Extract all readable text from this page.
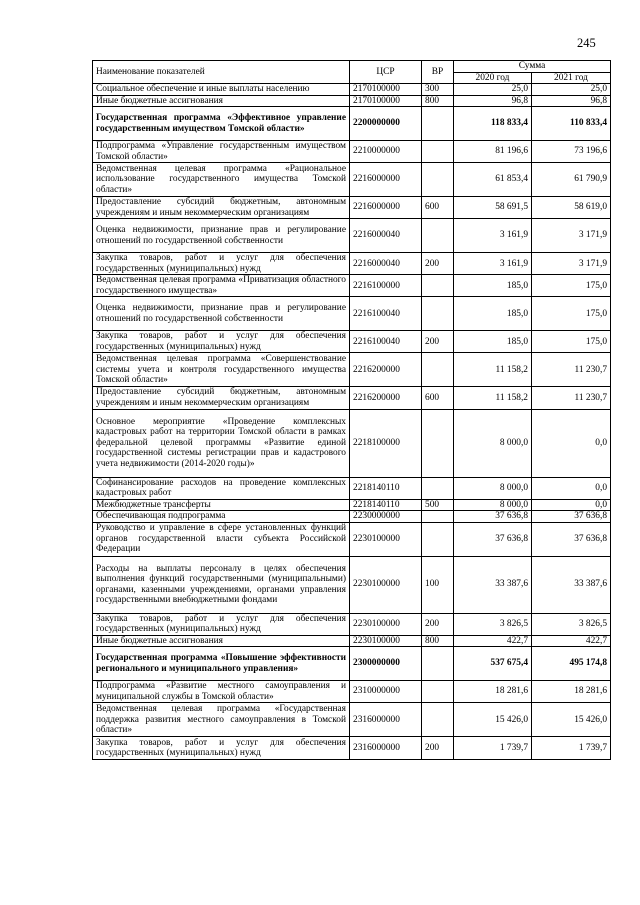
245
Наименование показателей	ЦСР	ВР	Сумма	
			2020 год	2021 год
Социальное обеспечение и иные выплаты населению	2170100000	300	25,0	25,0
Иные бюджетные ассигнования	2170100000	800	96,8	96,8
Государственная программа «Эффективное управление государственным имуществом Томской области»	2200000000		118 833,4	110 833,4
Подпрограмма «Управление государственным имуществом Томской области»	2210000000		81 196,6	73 196,6
Ведомственная целевая программа «Рациональное использование государственного имущества Томской области»	2216000000		61 853,4	61 790,9
Предоставление субсидий бюджетным, автономным учреждениям и иным некоммерческим организациям	2216000000	600	58 691,5	58 619,0
Оценка недвижимости, признание прав и регулирование отношений по государственной собственности	2216000040		3 161,9	3 171,9
Закупка товаров, работ и услуг для обеспечения государственных (муниципальных) нужд	2216000040	200	3 161,9	3 171,9
Ведомственная целевая программа «Приватизация областного государственного имущества»	2216100000		185,0	175,0
Оценка недвижимости, признание прав и регулирование отношений по государственной собственности	2216100040		185,0	175,0
Закупка товаров, работ и услуг для обеспечения государственных (муниципальных) нужд	2216100040	200	185,0	175,0
Ведомственная целевая программа «Совершенствование системы учета и контроля государственного имущества Томской области»	2216200000		11 158,2	11 230,7
Предоставление субсидий бюджетным, автономным учреждениям и иным некоммерческим организациям	2216200000	600	11 158,2	11 230,7
Основное мероприятие «Проведение комплексных кадастровых работ на территории Томской области в рамках федеральной целевой программы «Развитие единой государственной системы регистрации прав и кадастрового учета недвижимости (2014-2020 годы)»	2218100000		8 000,0	0,0
Софинансирование расходов на проведение комплексных кадастровых работ	2218140110		8 000,0	0,0
Межбюджетные трансферты	2218140110	500	8 000,0	0,0
Обеспечивающая подпрограмма	2230000000		37 636,8	37 636,8
Руководство и управление в сфере установленных функций органов государственной власти субъекта Российской Федерации	2230100000		37 636,8	37 636,8
Расходы на выплаты персоналу в целях обеспечения выполнения функций государственными (муниципальными) органами, казенными учреждениями, органами управления государственными внебюджетными фондами	2230100000	100	33 387,6	33 387,6
Закупка товаров, работ и услуг для обеспечения государственных (муниципальных) нужд	2230100000	200	3 826,5	3 826,5
Иные бюджетные ассигнования	2230100000	800	422,7	422,7
Государственная программа «Повышение эффективности регионального и муниципального управления»	2300000000		537 675,4	495 174,8
Подпрограмма «Развитие местного самоуправления и муниципальной службы в Томской области»	2310000000		18 281,6	18 281,6
Ведомственная целевая программа «Государственная поддержка развития местного самоуправления в Томской области»	2316000000		15 426,0	15 426,0
Закупка товаров, работ и услуг для обеспечения государственных (муниципальных) нужд	2316000000	200	1 739,7	1 739,7
